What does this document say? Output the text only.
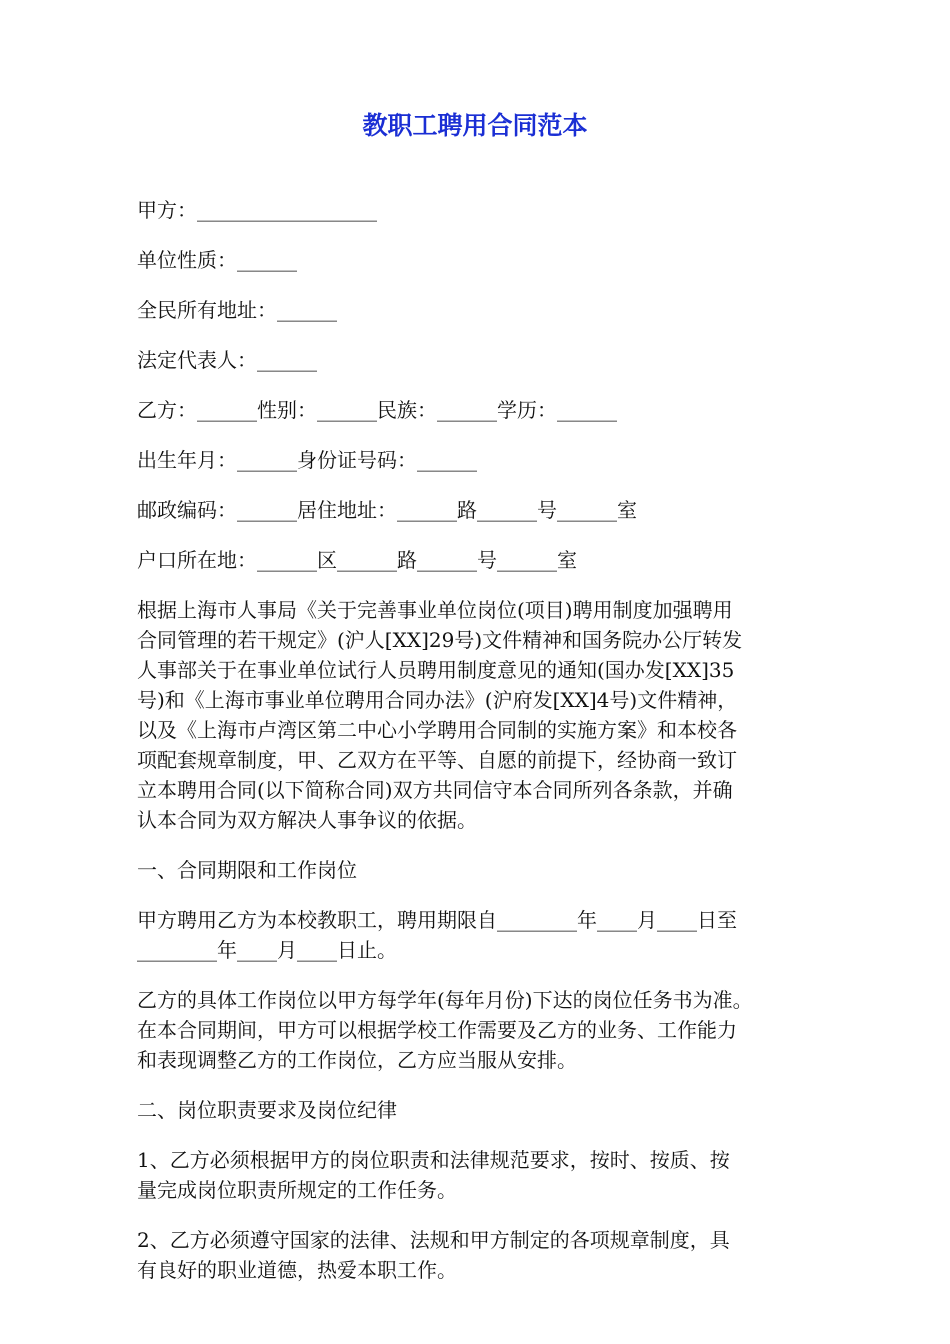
教职工聘用合同范本
甲方：__________________
单位性质：______
全民所有地址：______
法定代表人：______
乙方：______性别：______民族：______学历：______
出生年月：______身份证号码：______
邮政编码：______居住地址：______路______号______室
户口所在地：______区______路______号______室

根据上海市人事局《关于完善事业单位岗位(项目)聘用制度加强聘用
合同管理的若干规定》(沪人[XX]29号)文件精神和国务院办公厅转发
人事部关于在事业单位试行人员聘用制度意见的通知(国办发[XX]35
号)和《上海市事业单位聘用合同办法》(沪府发[XX]4号)文件精神，
以及《上海市卢湾区第二中心小学聘用合同制的实施方案》和本校各
项配套规章制度，甲、乙双方在平等、自愿的前提下，经协商一致订
立本聘用合同(以下简称合同)双方共同信守本合同所列各条款，并确
认本合同为双方解决人事争议的依据。

一、合同期限和工作岗位

甲方聘用乙方为本校教职工，聘用期限自________年____月____日至
________年____月____日止。

乙方的具体工作岗位以甲方每学年(每年月份)下达的岗位任务书为准。
在本合同期间，甲方可以根据学校工作需要及乙方的业务、工作能力
和表现调整乙方的工作岗位，乙方应当服从安排。

二、岗位职责要求及岗位纪律

1、乙方必须根据甲方的岗位职责和法律规范要求，按时、按质、按
量完成岗位职责所规定的工作任务。

2、乙方必须遵守国家的法律、法规和甲方制定的各项规章制度，具
有良好的职业道德，热爱本职工作。
